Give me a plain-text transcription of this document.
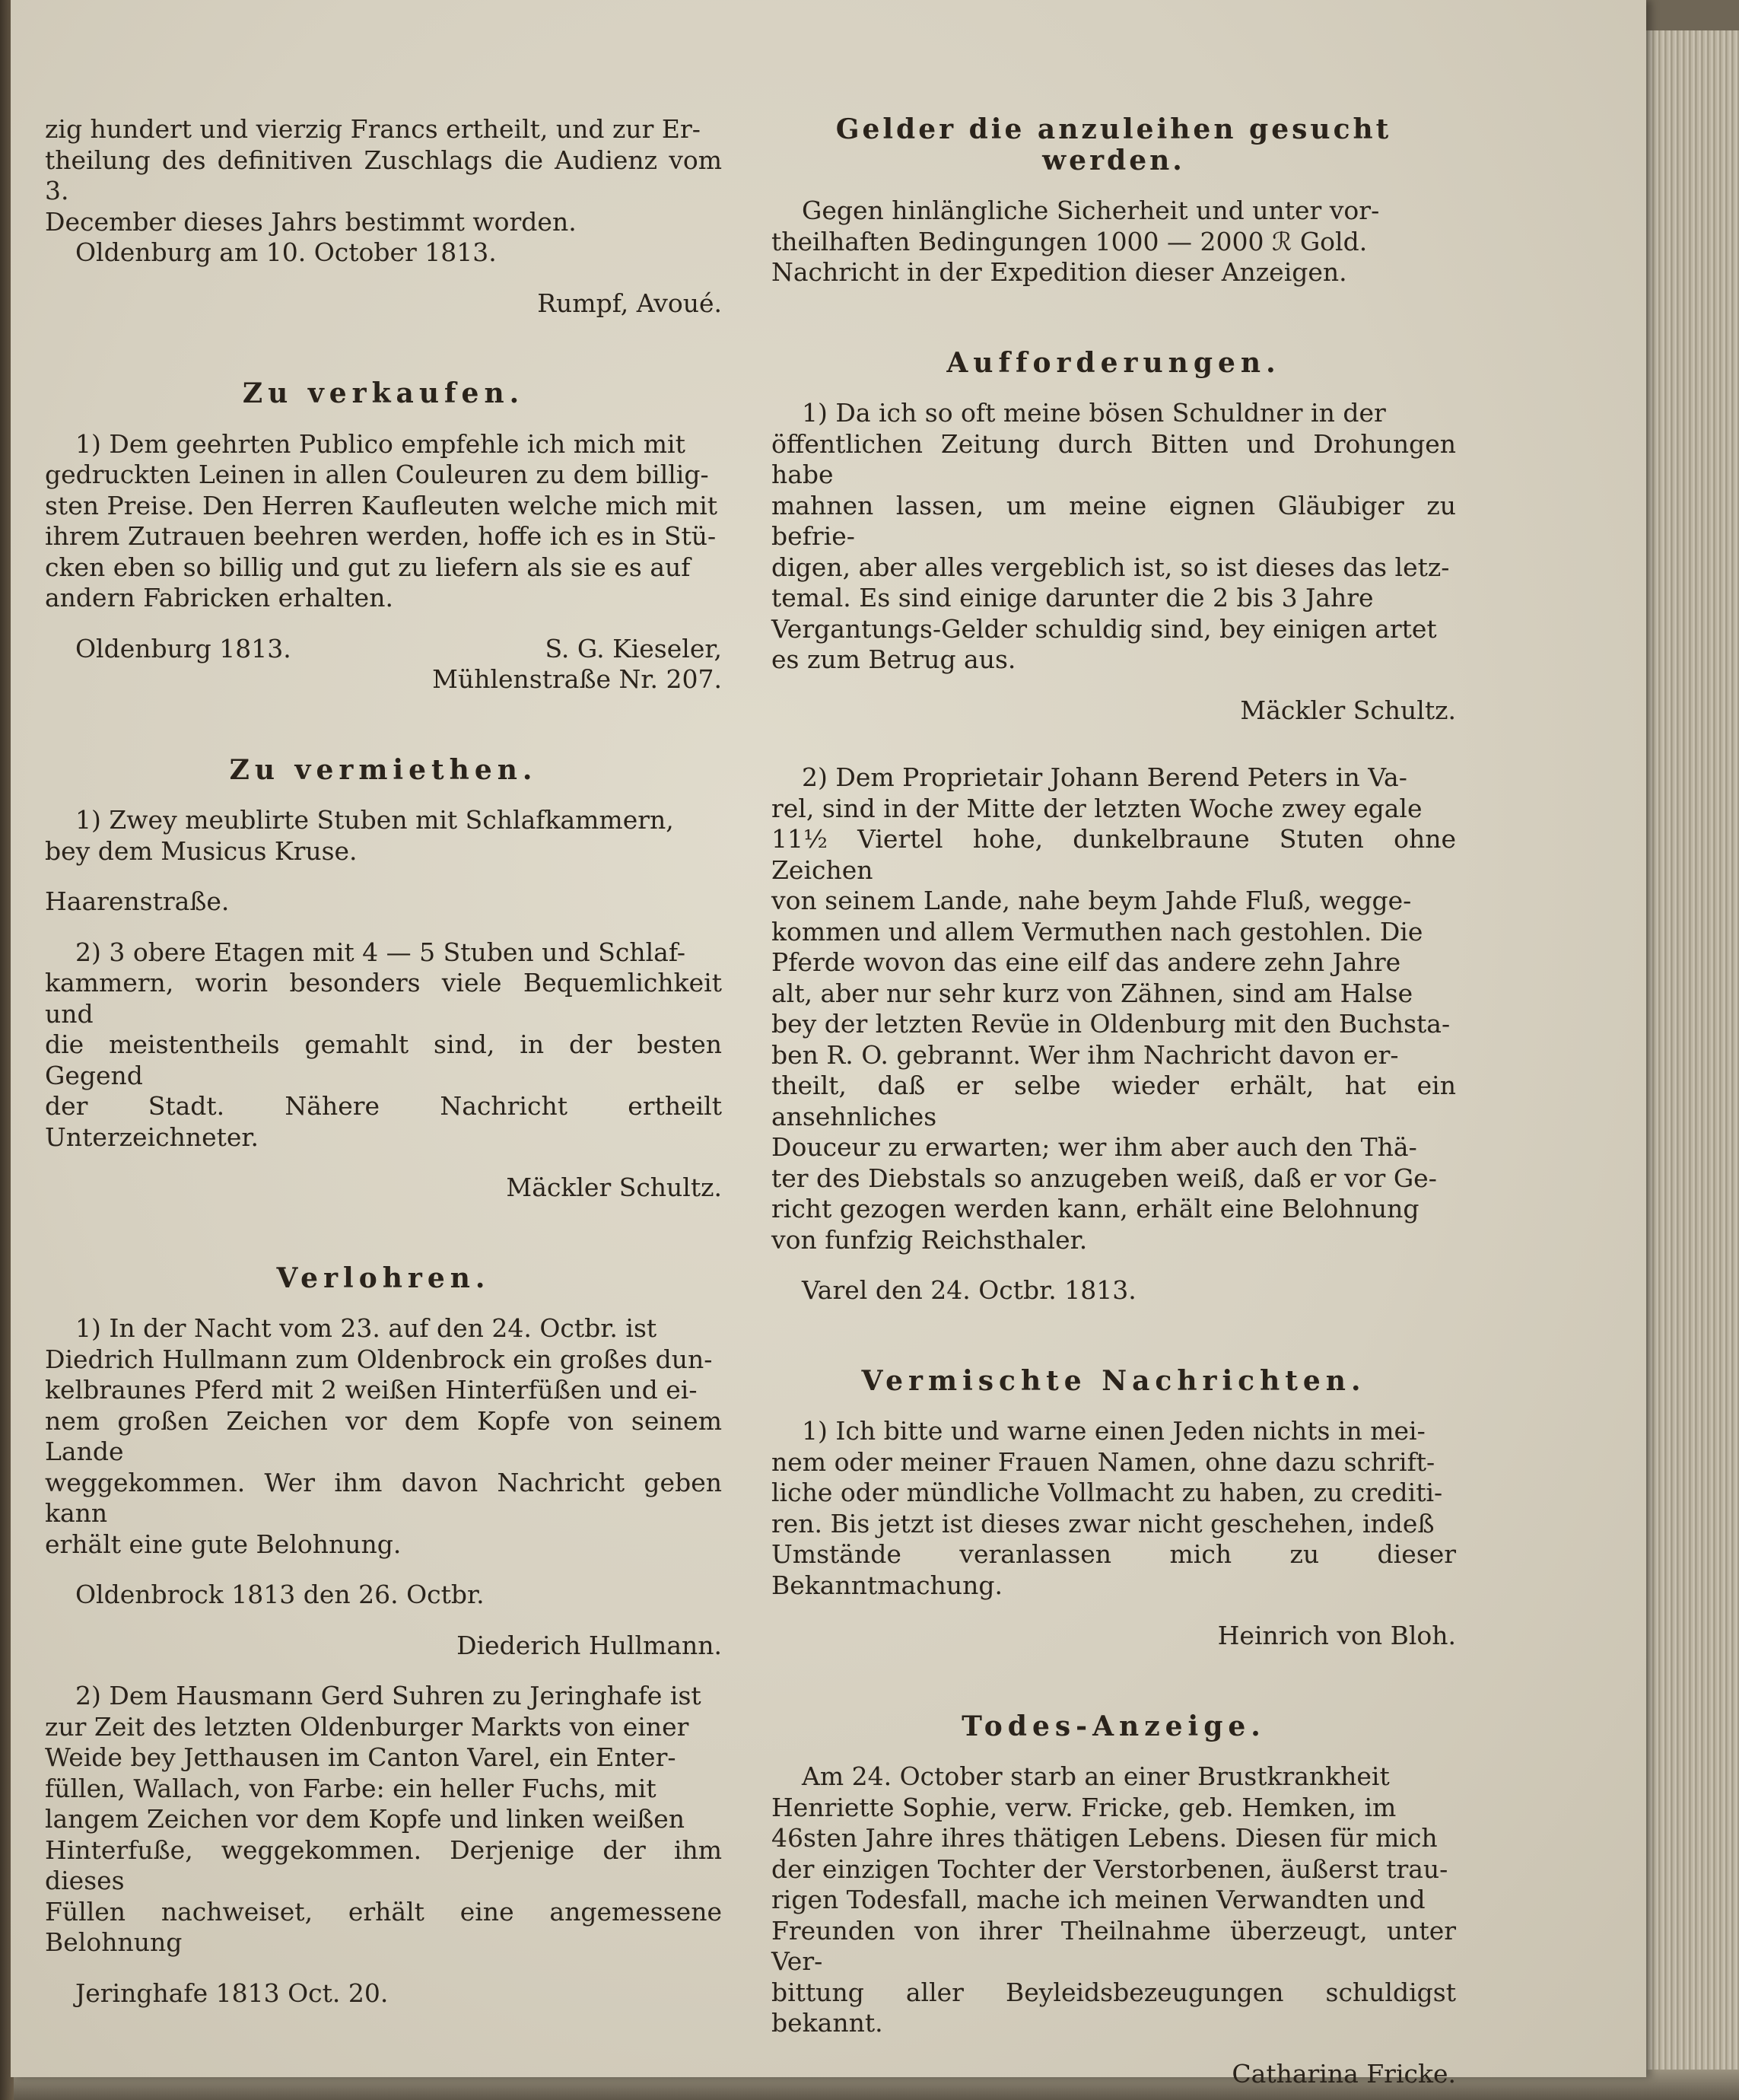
zig hundert und vierzig Francs ertheilt, und zur Er-

theilung des definitiven Zuschlags die Audienz vom 3.

December dieses Jahrs bestimmt worden.

Oldenburg am 10. October 1813.

Rumpf, Avoué.

Zu verkaufen.

1) Dem geehrten Publico empfehle ich mich mit

gedruckten Leinen in allen Couleuren zu dem billig-

sten Preise. Den Herren Kaufleuten welche mich mit

ihrem Zutrauen beehren werden, hoffe ich es in Stü-

cken eben so billig und gut zu liefern als sie es auf

andern Fabricken erhalten.

Oldenburg 1813.	S. G. Kieseler,

Mühlenstraße Nr. 207.

Zu vermiethen.

1) Zwey meublirte Stuben mit Schlafkammern,

bey dem Musicus Kruse.

Haarenstraße.

2) 3 obere Etagen mit 4 — 5 Stuben und Schlaf-

kammern, worin besonders viele Bequemlichkeit und

die meistentheils gemahlt sind, in der besten Gegend

der Stadt. Nähere Nachricht ertheilt Unterzeichneter.

Mäckler Schultz.

Verlohren.

1) In der Nacht vom 23. auf den 24. Octbr. ist

Diedrich Hullmann zum Oldenbrock ein großes dun-

kelbraunes Pferd mit 2 weißen Hinterfüßen und ei-

nem großen Zeichen vor dem Kopfe von seinem Lande

weggekommen. Wer ihm davon Nachricht geben kann

erhält eine gute Belohnung.

Oldenbrock 1813 den 26. Octbr.

Diederich Hullmann.

2) Dem Hausmann Gerd Suhren zu Jeringhafe ist

zur Zeit des letzten Oldenburger Markts von einer

Weide bey Jetthausen im Canton Varel, ein Enter-

füllen, Wallach, von Farbe: ein heller Fuchs, mit

langem Zeichen vor dem Kopfe und linken weißen

Hinterfuße, weggekommen. Derjenige der ihm dieses

Füllen nachweiset, erhält eine angemessene Belohnung

Jeringhafe 1813 Oct. 20.

Gelder die anzuleihen gesucht werden.

Gegen hinlängliche Sicherheit und unter vor-

theilhaften Bedingungen 1000 — 2000 ℛ Gold.

Nachricht in der Expedition dieser Anzeigen.

Aufforderungen.

1) Da ich so oft meine bösen Schuldner in der

öffentlichen Zeitung durch Bitten und Drohungen habe

mahnen lassen, um meine eignen Gläubiger zu befrie-

digen, aber alles vergeblich ist, so ist dieses das letz-

temal. Es sind einige darunter die 2 bis 3 Jahre

Vergantungs-Gelder schuldig sind, bey einigen artet

es zum Betrug aus.

Mäckler Schultz.

2) Dem Proprietair Johann Berend Peters in Va-

rel, sind in der Mitte der letzten Woche zwey egale

11½ Viertel hohe, dunkelbraune Stuten ohne Zeichen

von seinem Lande, nahe beym Jahde Fluß, wegge-

kommen und allem Vermuthen nach gestohlen. Die

Pferde wovon das eine eilf das andere zehn Jahre

alt, aber nur sehr kurz von Zähnen, sind am Halse

bey der letzten Revüe in Oldenburg mit den Buchsta-

ben R. O. gebrannt. Wer ihm Nachricht davon er-

theilt, daß er selbe wieder erhält, hat ein ansehnliches

Douceur zu erwarten; wer ihm aber auch den Thä-

ter des Diebstals so anzugeben weiß, daß er vor Ge-

richt gezogen werden kann, erhält eine Belohnung

von funfzig Reichsthaler.

Varel den 24. Octbr. 1813.

Vermischte Nachrichten.

1) Ich bitte und warne einen Jeden nichts in mei-

nem oder meiner Frauen Namen, ohne dazu schrift-

liche oder mündliche Vollmacht zu haben, zu crediti-

ren. Bis jetzt ist dieses zwar nicht geschehen, indeß

Umstände veranlassen mich zu dieser Bekanntmachung.

Heinrich von Bloh.

Todes-Anzeige.

Am 24. October starb an einer Brustkrankheit

Henriette Sophie, verw. Fricke, geb. Hemken, im

46sten Jahre ihres thätigen Lebens. Diesen für mich

der einzigen Tochter der Verstorbenen, äußerst trau-

rigen Todesfall, mache ich meinen Verwandten und

Freunden von ihrer Theilnahme überzeugt, unter Ver-

bittung aller Beyleidsbezeugungen schuldigst bekannt.

Catharina Fricke.
